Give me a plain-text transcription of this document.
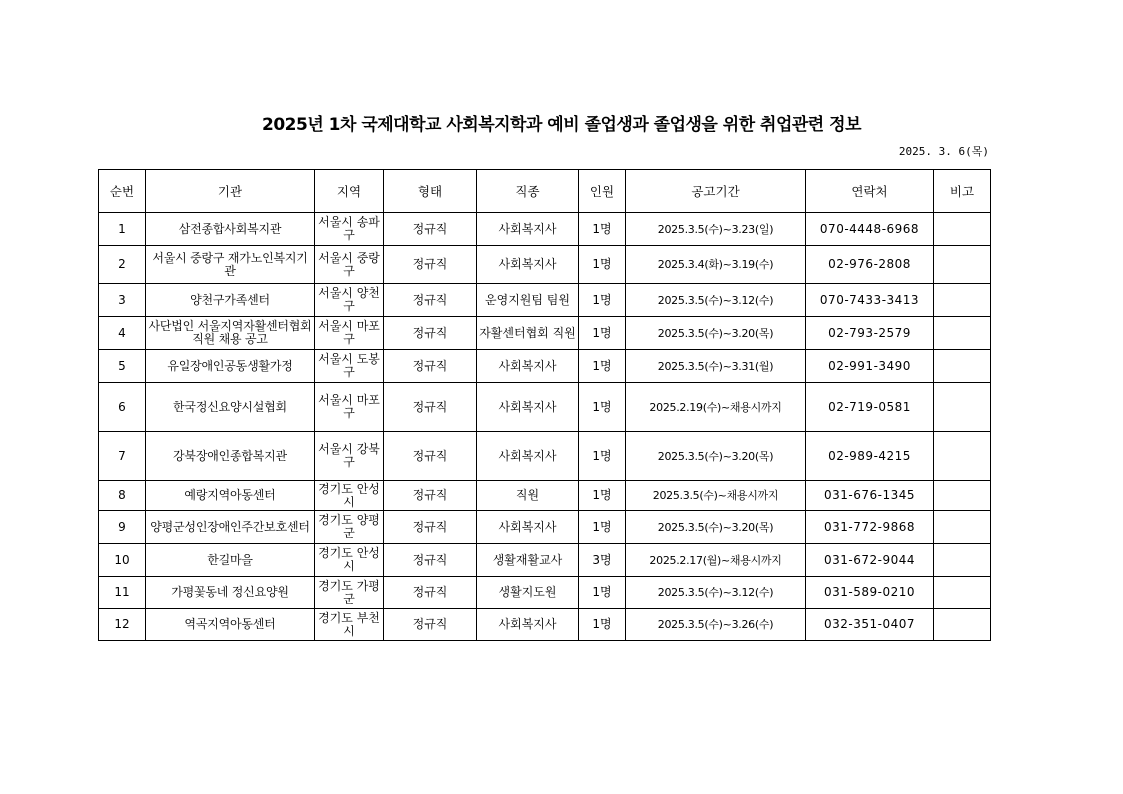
2025년 1차 국제대학교 사회복지학과 예비 졸업생과 졸업생을 위한 취업관련 정보
2025. 3. 6(목)
순번	기관	지역	형태	직종	인원	공고기간	연락처	비고
1	삼전종합사회복지관	서울시 송파구	정규직	사회복지사	1명	2025.3.5(수)~3.23(일)	070-4448-6968	
2	서울시 중랑구 재가노인복지기관	서울시 중랑구	정규직	사회복지사	1명	2025.3.4(화)~3.19(수)	02-976-2808	
3	양천구가족센터	서울시 양천구	정규직	운영지원팀 팀원	1명	2025.3.5(수)~3.12(수)	070-7433-3413	
4	사단법인 서울지역자활센터협회 직원 채용 공고	서울시 마포구	정규직	자활센터협회 직원	1명	2025.3.5(수)~3.20(목)	02-793-2579	
5	유일장애인공동생활가정	서울시 도봉구	정규직	사회복지사	1명	2025.3.5(수)~3.31(월)	02-991-3490	
6	한국정신요양시설협회	서울시 마포구	정규직	사회복지사	1명	2025.2.19(수)~채용시까지	02-719-0581	
7	강북장애인종합복지관	서울시 강북구	정규직	사회복지사	1명	2025.3.5(수)~3.20(목)	02-989-4215	
8	예랑지역아동센터	경기도 안성시	정규직	직원	1명	2025.3.5(수)~채용시까지	031-676-1345	
9	양평군성인장애인주간보호센터	경기도 양평군	정규직	사회복지사	1명	2025.3.5(수)~3.20(목)	031-772-9868	
10	한길마을	경기도 안성시	정규직	생활재활교사	3명	2025.2.17(월)~채용시까지	031-672-9044	
11	가평꽃동네 정신요양원	경기도 가평군	정규직	생활지도원	1명	2025.3.5(수)~3.12(수)	031-589-0210	
12	역곡지역아동센터	경기도 부천시	정규직	사회복지사	1명	2025.3.5(수)~3.26(수)	032-351-0407	
